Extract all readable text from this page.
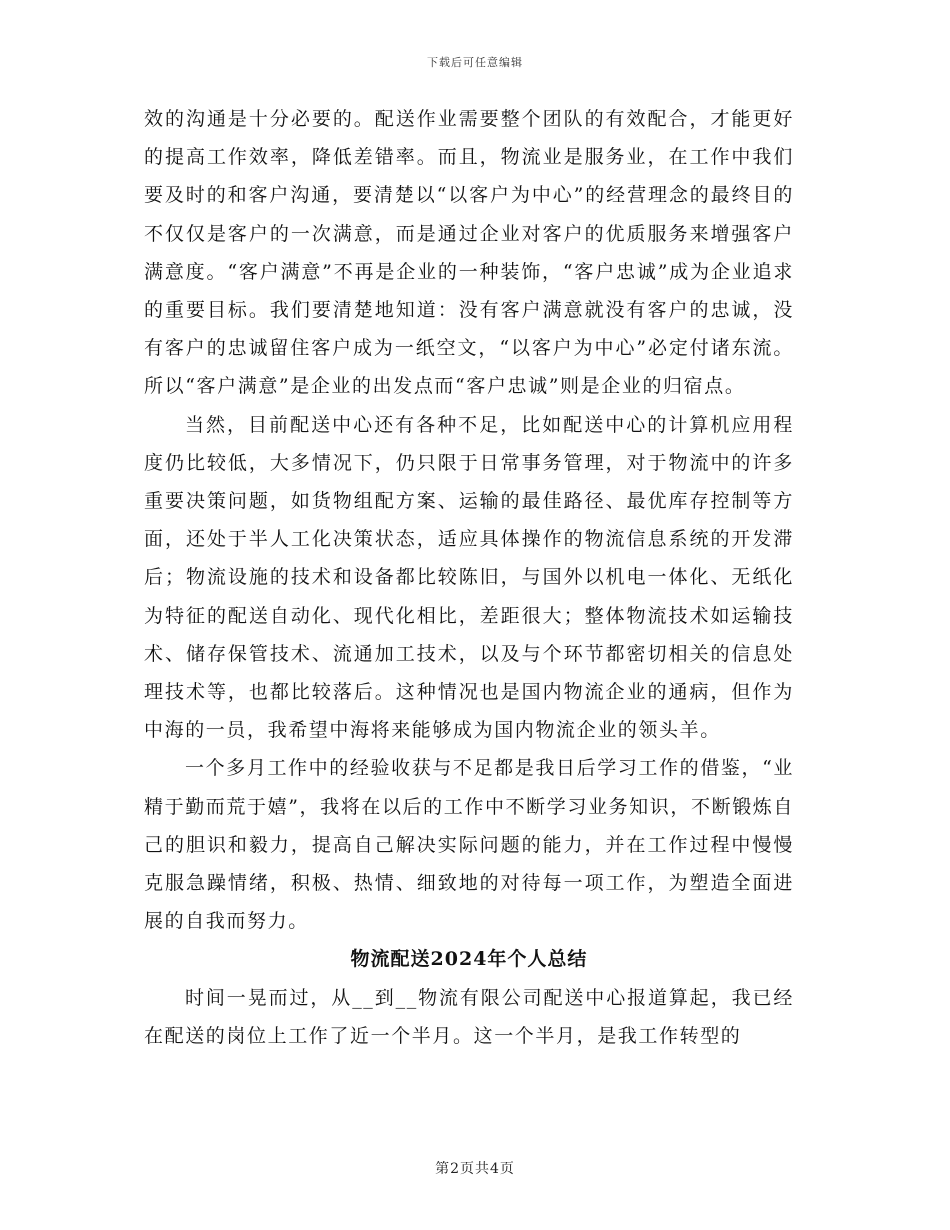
下载后可任意编辑

效的沟通是十分必要的。配送作业需要整个团队的有效配合，才能更好的提高工作效率，降低差错率。而且，物流业是服务业，在工作中我们要及时的和客户沟通，要清楚以“以客户为中心”的经营理念的最终目的不仅仅是客户的一次满意，而是通过企业对客户的优质服务来增强客户满意度。“客户满意”不再是企业的一种装饰，“客户忠诚”成为企业追求的重要目标。我们要清楚地知道：没有客户满意就没有客户的忠诚，没有客户的忠诚留住客户成为一纸空文，“以客户为中心”必定付诸东流。所以“客户满意”是企业的出发点而“客户忠诚”则是企业的归宿点。

当然，目前配送中心还有各种不足，比如配送中心的计算机应用程度仍比较低，大多情况下，仍只限于日常事务管理，对于物流中的许多重要决策问题，如货物组配方案、运输的最佳路径、最优库存控制等方面，还处于半人工化决策状态，适应具体操作的物流信息系统的开发滞后；物流设施的技术和设备都比较陈旧，与国外以机电一体化、无纸化为特征的配送自动化、现代化相比，差距很大；整体物流技术如运输技术、储存保管技术、流通加工技术，以及与个环节都密切相关的信息处理技术等，也都比较落后。这种情况也是国内物流企业的通病，但作为中海的一员，我希望中海将来能够成为国内物流企业的领头羊。

一个多月工作中的经验收获与不足都是我日后学习工作的借鉴，“业精于勤而荒于嬉”，我将在以后的工作中不断学习业务知识，不断锻炼自己的胆识和毅力，提高自己解决实际问题的能力，并在工作过程中慢慢克服急躁情绪，积极、热情、细致地的对待每一项工作，为塑造全面进展的自我而努力。

物流配送2024年个人总结

时间一晃而过，从__到__物流有限公司配送中心报道算起，我已经在配送的岗位上工作了近一个半月。这一个半月，是我工作转型的

第2页共4页
